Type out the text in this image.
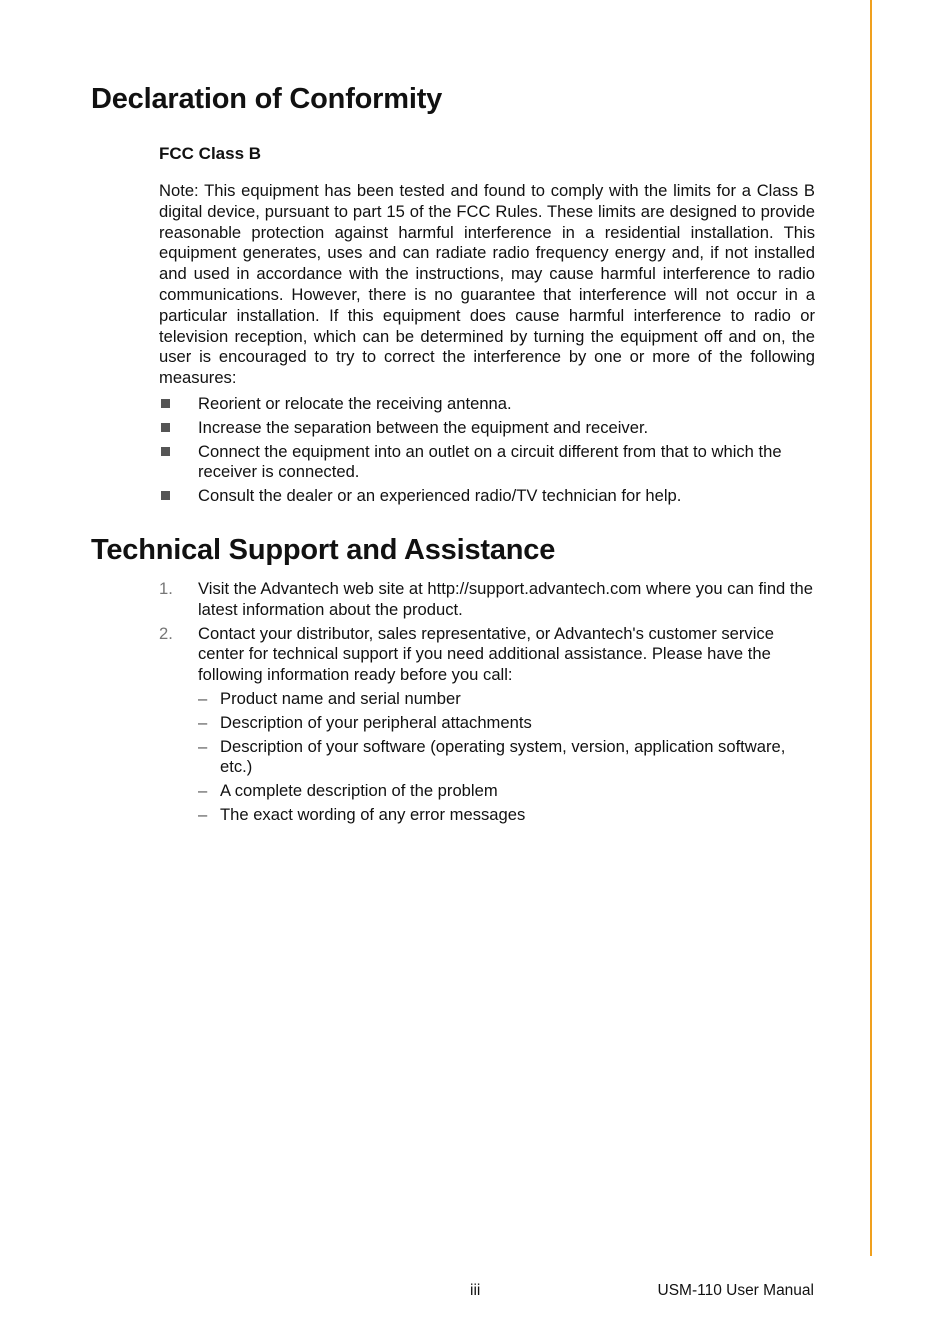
Declaration of Conformity
FCC Class B

Note: This equipment has been tested and found to comply with the limits for a Class B digital device, pursuant to part 15 of the FCC Rules. These limits are designed to provide reasonable protection against harmful interference in a residential installation. This equipment generates, uses and can radiate radio frequency energy and, if not installed and used in accordance with the instructions, may cause harmful interference to radio communications. However, there is no guarantee that interference will not occur in a particular installation. If this equipment does cause harmful interference to radio or television reception, which can be determined by turning the equipment off and on, the user is encouraged to try to correct the interference by one or more of the following measures:

Reorient or relocate the receiving antenna.
Increase the separation between the equipment and receiver.
Connect the equipment into an outlet on a circuit different from that to which the receiver is connected.
Consult the dealer or an experienced radio/TV technician for help.
Technical Support and Assistance
1. Visit the Advantech web site at http://support.advantech.com where you can find the latest information about the product.
2. Contact your distributor, sales representative, or Advantech's customer service center for technical support if you need additional assistance. Please have the following information ready before you call:
– Product name and serial number
– Description of your peripheral attachments
– Description of your software (operating system, version, application software, etc.)
– A complete description of the problem
– The exact wording of any error messages
iii	USM-110 User Manual
